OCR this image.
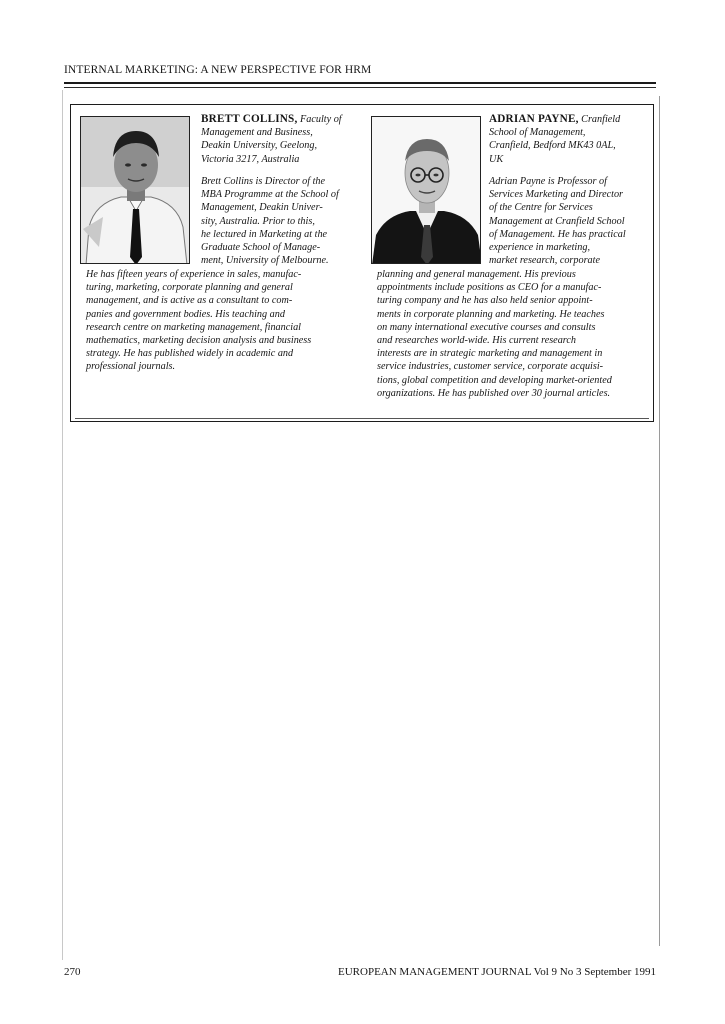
INTERNAL MARKETING: A NEW PERSPECTIVE FOR HRM
BRETT COLLINS, Faculty of
Management and Business,
Deakin University, Geelong,
Victoria 3217, Australia
Brett Collins is Director of the
MBA Programme at the School of
Management, Deakin Univer-
sity, Australia. Prior to this,
he lectured in Marketing at the
Graduate School of Manage-
ment, University of Melbourne.
He has fifteen years of experience in sales, manufac-
turing, marketing, corporate planning and general
management, and is active as a consultant to com-
panies and government bodies. His teaching and
research centre on marketing management, financial
mathematics, marketing decision analysis and business
strategy. He has published widely in academic and
professional journals.
ADRIAN PAYNE, Cranfield
School of Management,
Cranfield, Bedford MK43 0AL,
UK
Adrian Payne is Professor of
Services Marketing and Director
of the Centre for Services
Management at Cranfield School
of Management. He has practical
experience in marketing,
market research, corporate
planning and general management. His previous
appointments include positions as CEO for a manufac-
turing company and he has also held senior appoint-
ments in corporate planning and marketing. He teaches
on many international executive courses and consults
and researches world-wide. His current research
interests are in strategic marketing and management in
service industries, customer service, corporate acquisi-
tions, global competition and developing market-oriented
organizations. He has published over 30 journal articles.
270	EUROPEAN MANAGEMENT JOURNAL Vol 9 No 3 September 1991
